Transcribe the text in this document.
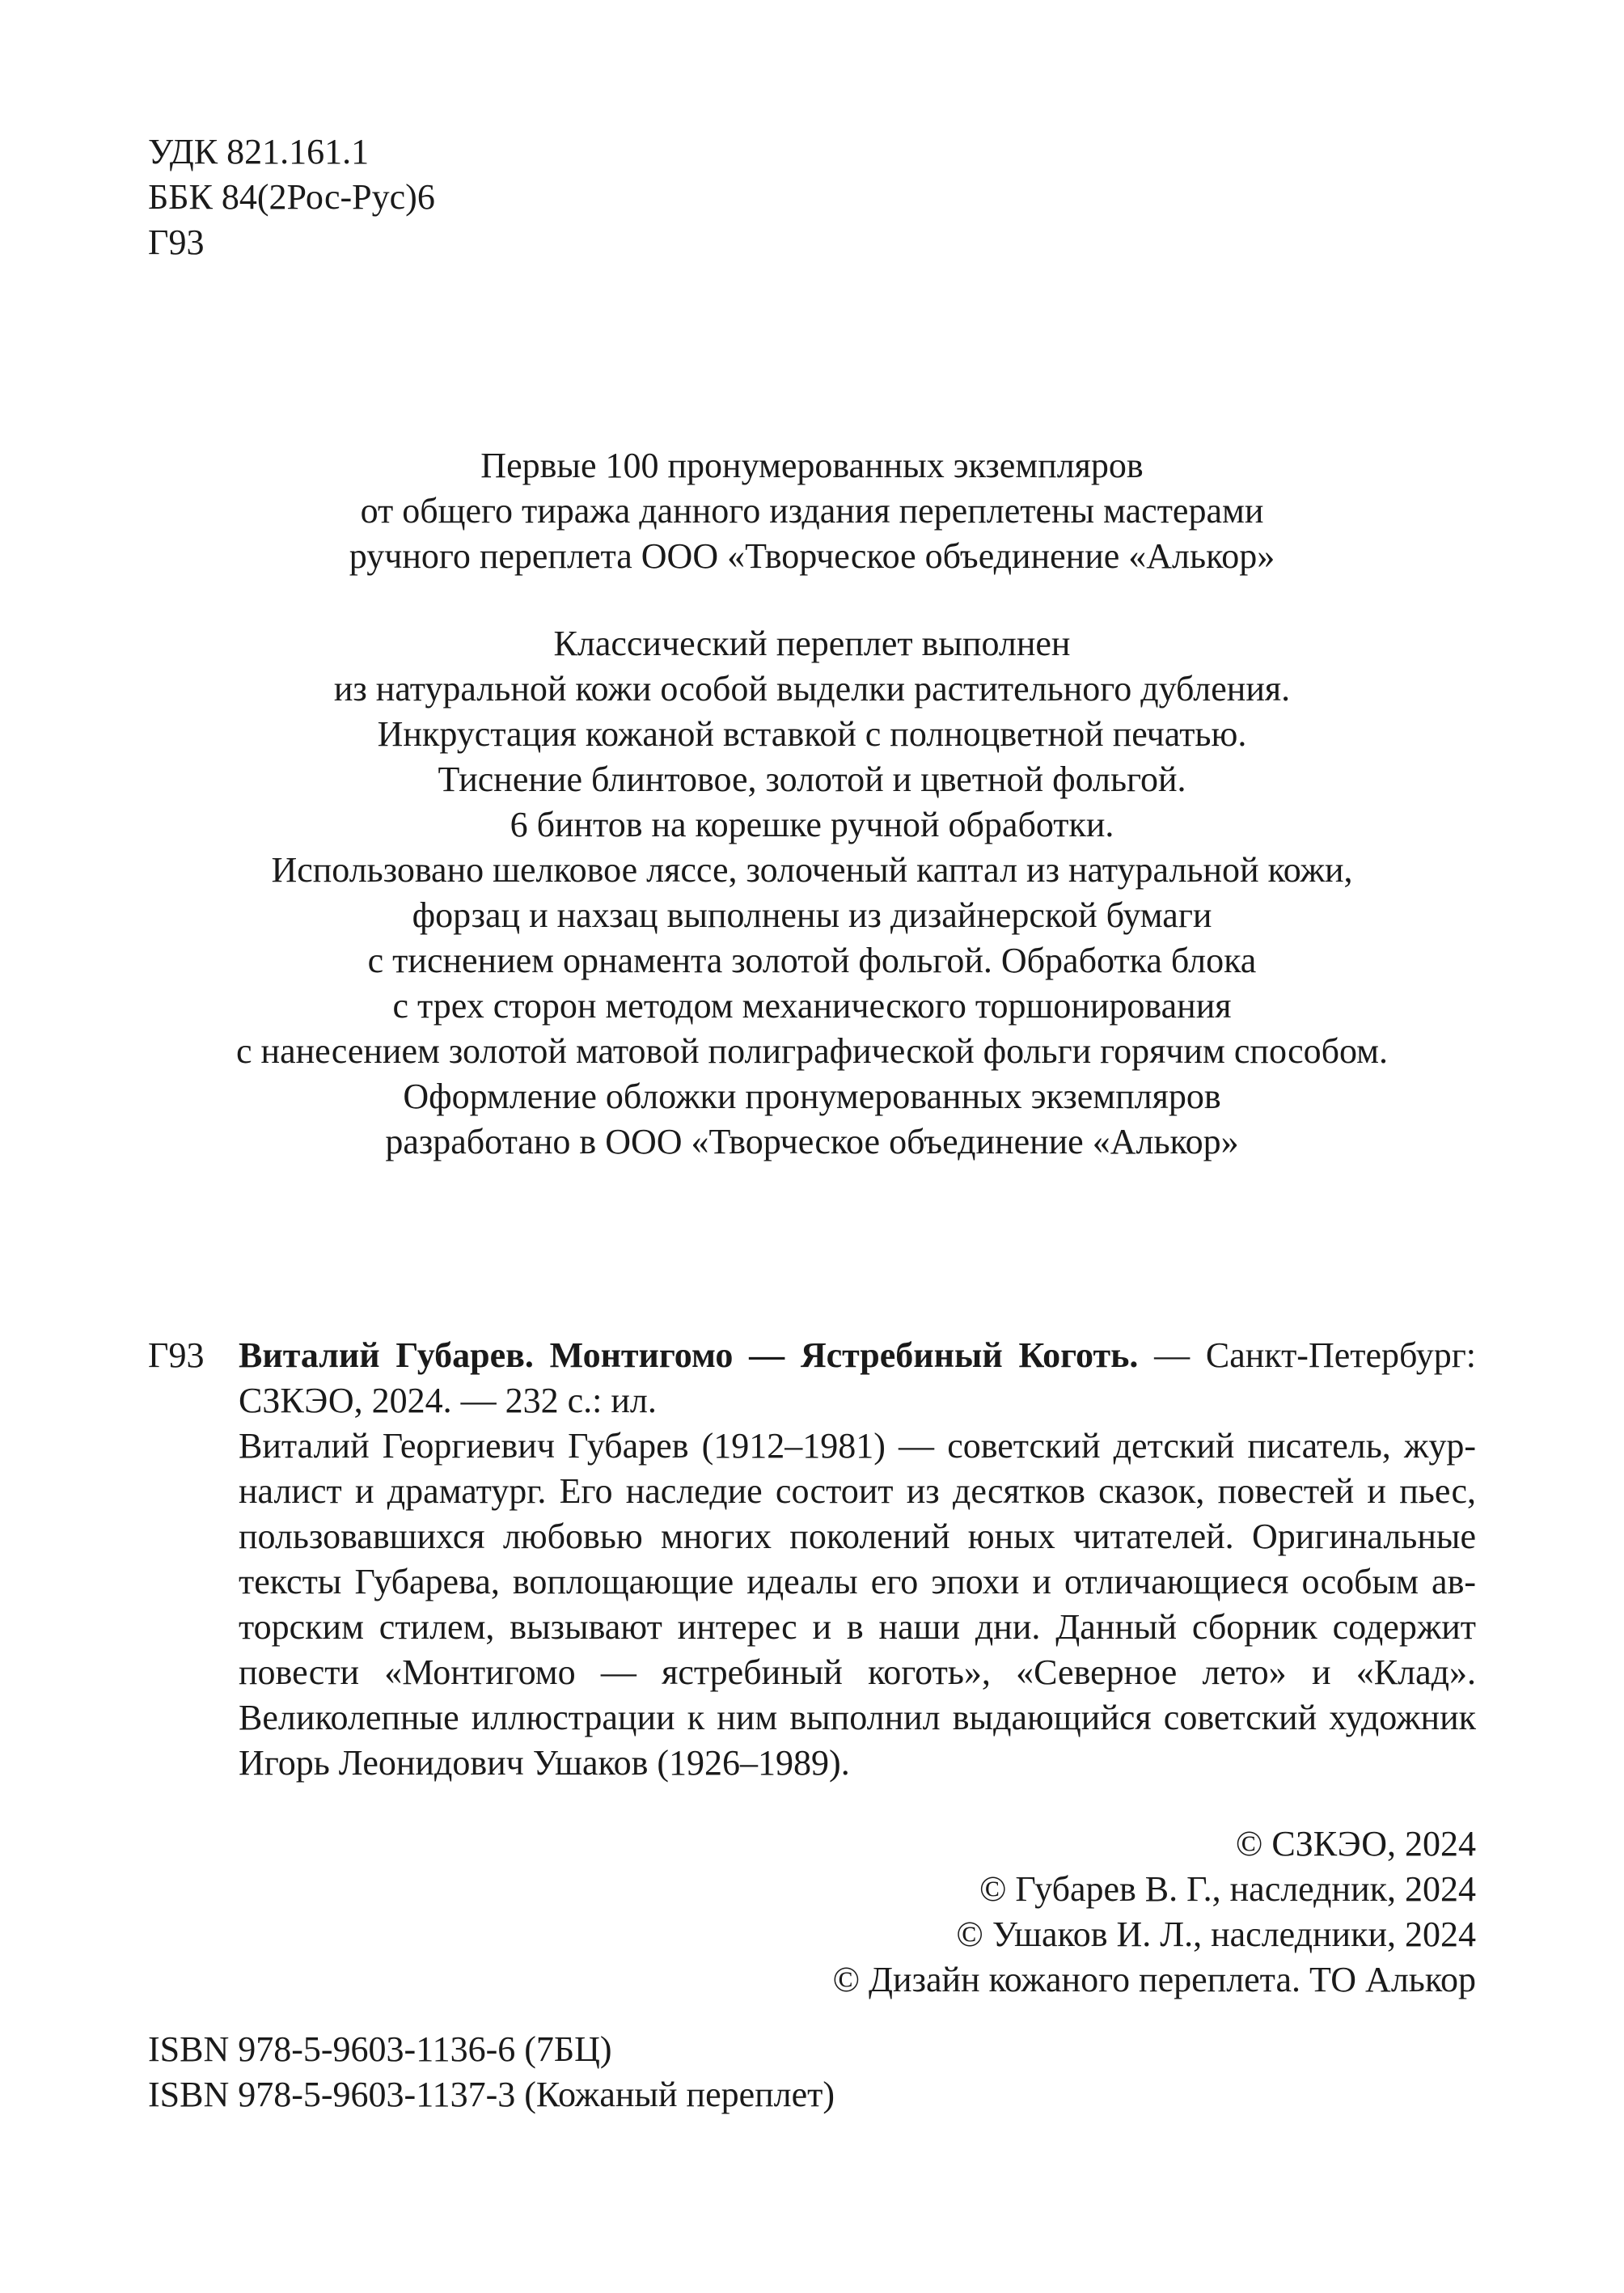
УДК 821.161.1
ББК 84(2Рос-Рус)6
Г93
Первые 100 пронумерованных экземпляров
от общего тиража данного издания переплетены мастерами
ручного переплета ООО «Творческое объединение «Алькор»
Классический переплет выполнен
из натуральной кожи особой выделки растительного дубления.
Инкрустация кожаной вставкой с полноцветной печатью.
Тиснение блинтовое, золотой и цветной фольгой.
6 бинтов на корешке ручной обработки.
Использовано шелковое ляссе, золоченый каптал из натуральной кожи,
форзац и нахзац выполнены из дизайнерской бумаги
с тиснением орнамента золотой фольгой. Обработка блока
с трех сторон методом механического торшонирования
с нанесением золотой матовой полиграфической фольги горячим способом.
Оформление обложки пронумерованных экземпляров
разработано в ООО «Творческое объединение «Алькор»
Г93 Виталий Губарев. Монтигомо — Ястребиный Коготь. — Санкт-Петербург:
СЗКЭО, 2024. — 232 с.: ил.
Виталий Георгиевич Губарев (1912–1981) — советский детский писатель, жур-
налист и драматург. Его наследие состоит из десятков сказок, повестей и пьес,
пользовавшихся любовью многих поколений юных читателей. Оригинальные
тексты Губарева, воплощающие идеалы его эпохи и отличающиеся особым ав-
торским стилем, вызывают интерес и в наши дни. Данный сборник содержит
повести «Монтигомо — ястребиный коготь», «Северное лето» и «Клад».
Великолепные иллюстрации к ним выполнил выдающийся советский художник
Игорь Леонидович Ушаков (1926–1989).
© СЗКЭО, 2024
© Губарев В. Г., наследник, 2024
© Ушаков И. Л., наследники, 2024
© Дизайн кожаного переплета. ТО Алькор
ISBN 978-5-9603-1136-6 (7БЦ)
ISBN 978-5-9603-1137-3 (Кожаный переплет)
